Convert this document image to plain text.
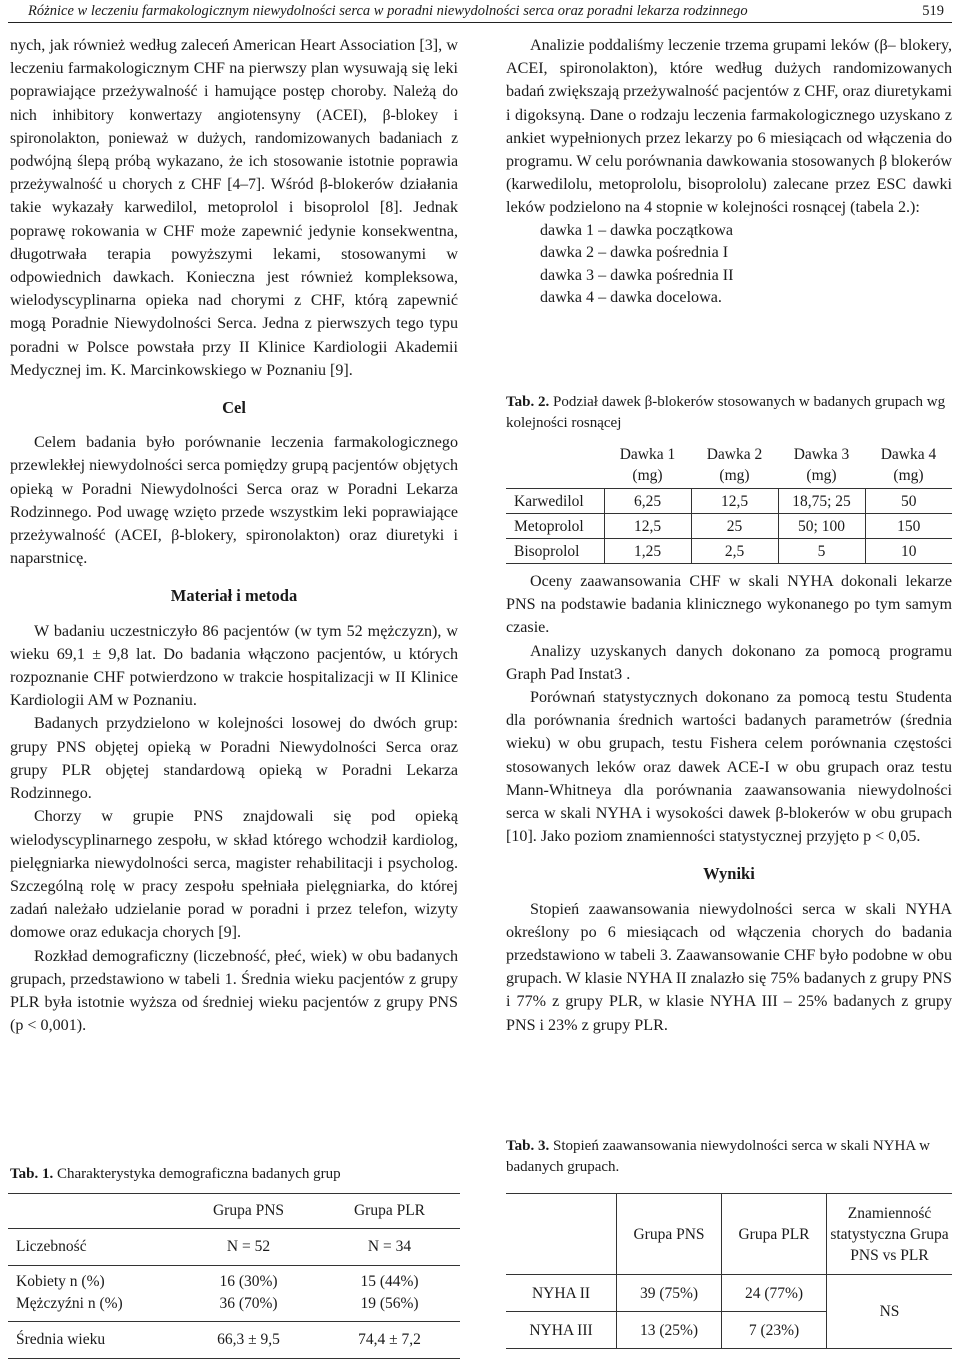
Różnice w leczeniu farmakologicznym niewydolności serca w poradni niewydolności serca oraz poradni lekarza rodzinnego	519

nych, jak również według zaleceń American Heart Association [3], w leczeniu farmakologicznym CHF na pierwszy plan wysuwają się leki poprawiające przeżywalność i hamujące postęp choroby. Należą do nich inhibitory konwertazy angiotensyny (ACEI), β-blokey i spironolakton, ponieważ w dużych, randomizowanych badaniach z podwójną ślepą próbą wykazano, że ich stosowanie istotnie poprawia przeżywalność u chorych z CHF [4–7]. Wśród β-blokerów działania takie wykazały karwedilol, metoprolol i bisoprolol [8]. Jednak poprawę rokowania w CHF może zapewnić jedynie konsekwentna, długotrwała terapia powyższymi lekami, stosowanymi w odpowiednich dawkach. Konieczna jest również kompleksowa, wielodyscyplinarna opieka nad chorymi z CHF, którą zapewnić mogą Poradnie Niewydolności Serca. Jedna z pierwszych tego typu poradni w Polsce powstała przy II Klinice Kardiologii Akademii Medycznej im. K. Marcinkowskiego w Poznaniu [9].

Cel

Celem badania było porównanie leczenia farmakologicznego przewlekłej niewydolności serca pomiędzy grupą pacjentów objętych opieką w Poradni Niewydolności Serca oraz w Poradni Lekarza Rodzinnego. Pod uwagę wzięto przede wszystkim leki poprawiające przeżywalność (ACEI, β-blokery, spironolakton) oraz diuretyki i naparstnicę.

Materiał i metoda

W badaniu uczestniczyło 86 pacjentów (w tym 52 mężczyzn), w wieku 69,1 ± 9,8 lat. Do badania włączono pacjentów, u których rozpoznanie CHF potwierdzono w trakcie hospitalizacji w II Klinice Kardiologii AM w Poznaniu.

Badanych przydzielono w kolejności losowej do dwóch grup: grupy PNS objętej opieką w Poradni Niewydolności Serca oraz grupy PLR objętej standardową opieką w Poradni Lekarza Rodzinnego.

Chorzy w grupie PNS znajdowali się pod opieką wielodyscyplinarnego zespołu, w skład którego wchodził kardiolog, pielęgniarka niewydolności serca, magister rehabilitacji i psycholog. Szczególną rolę w pracy zespołu spełniała pielęgniarka, do której zadań należało udzielanie porad w poradni i przez telefon, wizyty domowe oraz edukacja chorych [9].

Rozkład demograficzny (liczebność, płeć, wiek) w obu badanych grupach, przedstawiono w tabeli 1. Średnia wieku pacjentów z grupy PLR była istotnie wyższa od średniej wieku pacjentów z grupy PNS (p < 0,001).

Tab. 1. Charakterystyka demograficzna badanych grup
	Grupa PNS	Grupa PLR
Liczebność	N = 52	N = 34
Kobiety n (%)	16 (30%)	15 (44%)
Mężczyźni n (%)	36 (70%)	19 (56%)
Średnia wieku	66,3 ± 9,5	74,4 ± 7,2

Analizie poddaliśmy leczenie trzema grupami leków (β– blokery, ACEI, spironolakton), które według dużych randomizowanych badań zwiększają przeżywalność pacjentów z CHF, oraz diuretykami i digoksyną. Dane o rodzaju leczenia farmakologicznego uzyskano z ankiet wypełnionych przez lekarzy po 6 miesiącach od włączenia do programu. W celu porównania dawkowania stosowanych β blokerów (karwedilolu, metoprololu, bisoprololu) zalecane przez ESC dawki leków podzielono na 4 stopnie w kolejności rosnącej (tabela 2.):

dawka 1 – dawka początkowa
dawka 2 – dawka pośrednia I
dawka 3 – dawka pośrednia II
dawka 4 – dawka docelowa.
Tab. 2. Podział dawek β-blokerów stosowanych w badanych grupach wg kolejności rosnącej
	Dawka 1 (mg)	Dawka 2 (mg)	Dawka 3 (mg)	Dawka 4 (mg)
Karwedilol	6,25	12,5	18,75; 25	50
Metoprolol	12,5	25	50; 100	150
Bisoprolol	1,25	2,5	5	10

Oceny zaawansowania CHF w skali NYHA dokonali lekarze PNS na podstawie badania klinicznego wykonanego po tym samym czasie.

Analizy uzyskanych danych dokonano za pomocą programu Graph Pad Instat3 .

Porównań statystycznych dokonano za pomocą testu Studenta dla porównania średnich wartości badanych parametrów (średnia wieku) w obu grupach, testu Fishera celem porównania częstości stosowanych leków oraz dawek ACE-I w obu grupach oraz testu Mann-Whitneya dla porównania zaawansowania niewydolności serca w skali NYHA i wysokości dawek β-blokerów w obu grupach [10]. Jako poziom znamienności statystycznej przyjęto p < 0,05.

Wyniki

Stopień zaawansowania niewydolności serca w skali NYHA określony po 6 miesiącach od włączenia chorych do badania przedstawiono w tabeli 3. Zaawansowanie CHF było podobne w obu grupach. W klasie NYHA II znalazło się 75% badanych z grupy PNS i 77% z grupy PLR, w klasie NYHA III – 25% badanych z grupy PNS i 23% z grupy PLR.

Tab. 3. Stopień zaawansowania niewydolności serca w skali NYHA w badanych grupach.
	Grupa PNS	Grupa PLR	Znamienność statystyczna Grupa PNS vs PLR
NYHA II	39 (75%)	24 (77%)	NS
NYHA III	13 (25%)	7 (23%)	
